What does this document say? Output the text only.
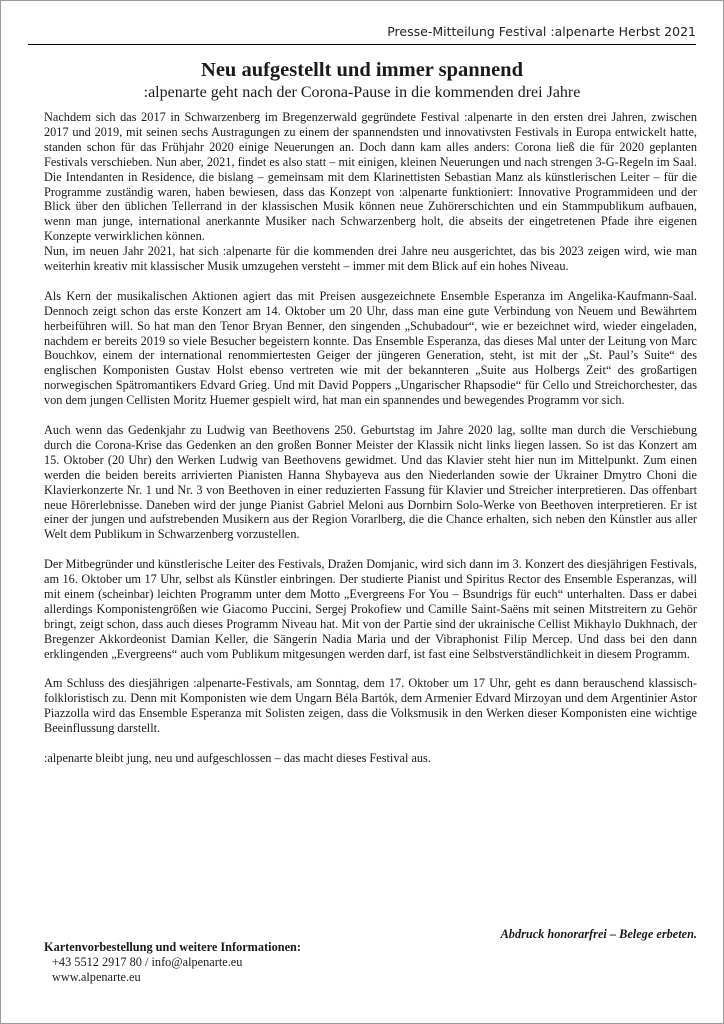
Presse-Mitteilung Festival :alpenarte Herbst 2021
Neu aufgestellt und immer spannend
:alpenarte geht nach der Corona-Pause in die kommenden drei Jahre

Nachdem sich das 2017 in Schwarzenberg im Bregenzerwald gegründete Festival :alpenarte in den ersten drei Jahren, zwischen 2017 und 2019, mit seinen sechs Austragungen zu einem der spannendsten und innovativsten Festivals in Europa entwickelt hatte, standen schon für das Frühjahr 2020 einige Neuerungen an. Doch dann kam alles anders: Corona ließ die für 2020 geplanten Festivals verschieben. Nun aber, 2021, findet es also statt – mit einigen, kleinen Neuerungen und nach strengen 3-G-Regeln im Saal. Die Intendanten in Residence, die bislang – gemeinsam mit dem Klarinettisten Sebastian Manz als künstlerischen Leiter – für die Programme zuständig waren, haben bewiesen, dass das Konzept von :alpenarte funktioniert: Innovative Programmideen und der Blick über den üblichen Tellerrand in der klassischen Musik können neue Zuhörerschichten und ein Stammpublikum aufbauen, wenn man junge, international anerkannte Musiker nach Schwarzenberg holt, die abseits der eingetretenen Pfade ihre eigenen Konzepte verwirklichen können.

Nun, im neuen Jahr 2021, hat sich :alpenarte für die kommenden drei Jahre neu ausgerichtet, das bis 2023 zeigen wird, wie man weiterhin kreativ mit klassischer Musik umzugehen versteht – immer mit dem Blick auf ein hohes Niveau.

Als Kern der musikalischen Aktionen agiert das mit Preisen ausgezeichnete Ensemble Esperanza im Angelika-Kaufmann-Saal. Dennoch zeigt schon das erste Konzert am 14. Oktober um 20 Uhr, dass man eine gute Verbindung von Neuem und Bewährtem herbeiführen will. So hat man den Tenor Bryan Benner, den singenden „Schubadour“, wie er bezeichnet wird, wieder eingeladen, nachdem er bereits 2019 so viele Besucher begeistern konnte. Das Ensemble Esperanza, das dieses Mal unter der Leitung von Marc Bouchkov, einem der international renommiertesten Geiger der jüngeren Generation, steht, ist mit der „St. Paul’s Suite“ des englischen Komponisten Gustav Holst ebenso vertreten wie mit der bekannteren „Suite aus Holbergs Zeit“ des großartigen norwegischen Spätromantikers Edvard Grieg. Und mit David Poppers „Ungarischer Rhapsodie“ für Cello und Streichorchester, das von dem jungen Cellisten Moritz Huemer gespielt wird, hat man ein spannendes und bewegendes Programm vor sich.

Auch wenn das Gedenkjahr zu Ludwig van Beethovens 250. Geburtstag im Jahre 2020 lag, sollte man durch die Verschiebung durch die Corona-Krise das Gedenken an den großen Bonner Meister der Klassik nicht links liegen lassen. So ist das Konzert am 15. Oktober (20 Uhr) den Werken Ludwig van Beethovens gewidmet. Und das Klavier steht hier nun im Mittelpunkt. Zum einen werden die beiden bereits arrivierten Pianisten Hanna Shybayeva aus den Niederlanden sowie der Ukrainer Dmytro Choni die Klavierkonzerte Nr. 1 und Nr. 3 von Beethoven in einer reduzierten Fassung für Klavier und Streicher interpretieren. Das offenbart neue Hörerlebnisse. Daneben wird der junge Pianist Gabriel Meloni aus Dornbirn Solo-Werke von Beethoven interpretieren. Er ist einer der jungen und aufstrebenden Musikern aus der Region Vorarlberg, die die Chance erhalten, sich neben den Künstler aus aller Welt dem Publikum in Schwarzenberg vorzustellen.

Der Mitbegründer und künstlerische Leiter des Festivals, Dražen Domjanic, wird sich dann im 3. Konzert des diesjährigen Festivals, am 16. Oktober um 17 Uhr, selbst als Künstler einbringen. Der studierte Pianist und Spiritus Rector des Ensemble Esperanzas, will mit einem (scheinbar) leichten Programm unter dem Motto „Evergreens For You – Bsundrigs für euch“ unterhalten. Dass er dabei allerdings Komponistengrößen wie Giacomo Puccini, Sergej Prokofiew und Camille Saint-Saëns mit seinen Mitstreitern zu Gehör bringt, zeigt schon, dass auch dieses Programm Niveau hat. Mit von der Partie sind der ukrainische Cellist Mikhaylo Dukhnach, der Bregenzer Akkordeonist Damian Keller, die Sängerin Nadia Maria und der Vibraphonist Filip Mercep. Und dass bei den dann erklingenden „Evergreens“ auch vom Publikum mitgesungen werden darf, ist fast eine Selbstverständlichkeit in diesem Programm.

Am Schluss des diesjährigen :alpenarte-Festivals, am Sonntag, dem 17. Oktober um 17 Uhr, geht es dann berauschend klassisch-folkloristisch zu. Denn mit Komponisten wie dem Ungarn Béla Bartók, dem Armenier Edvard Mirzoyan und dem Argentinier Astor Piazzolla wird das Ensemble Esperanza mit Solisten zeigen, dass die Volksmusik in den Werken dieser Komponisten eine wichtige Beeinflussung darstellt.

:alpenarte bleibt jung, neu und aufgeschlossen – das macht dieses Festival aus.

Abdruck honorarfrei – Belege erbeten.
Kartenvorbestellung und weitere Informationen:
+43 5512 2917 80 / info@alpenarte.eu
www.alpenarte.eu
